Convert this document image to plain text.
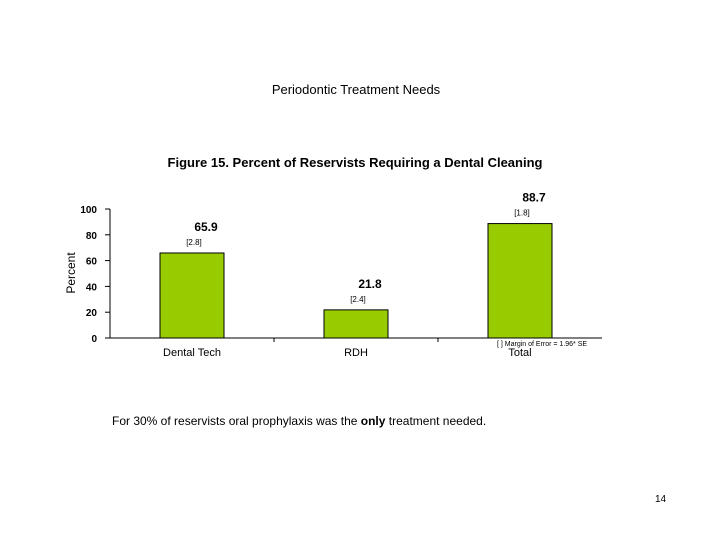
Periodontic Treatment Needs
Figure 15. Percent of Reservists Requiring a Dental Cleaning
0
20
40
60
80
100
Percent
Dental Tech
65.9
[2.8]
RDH
21.8
[2.4]
Total
88.7
[1.8]
[ ] Margin of Error = 1.96* SE
For 30% of reservists oral prophylaxis was the only treatment needed.
14
